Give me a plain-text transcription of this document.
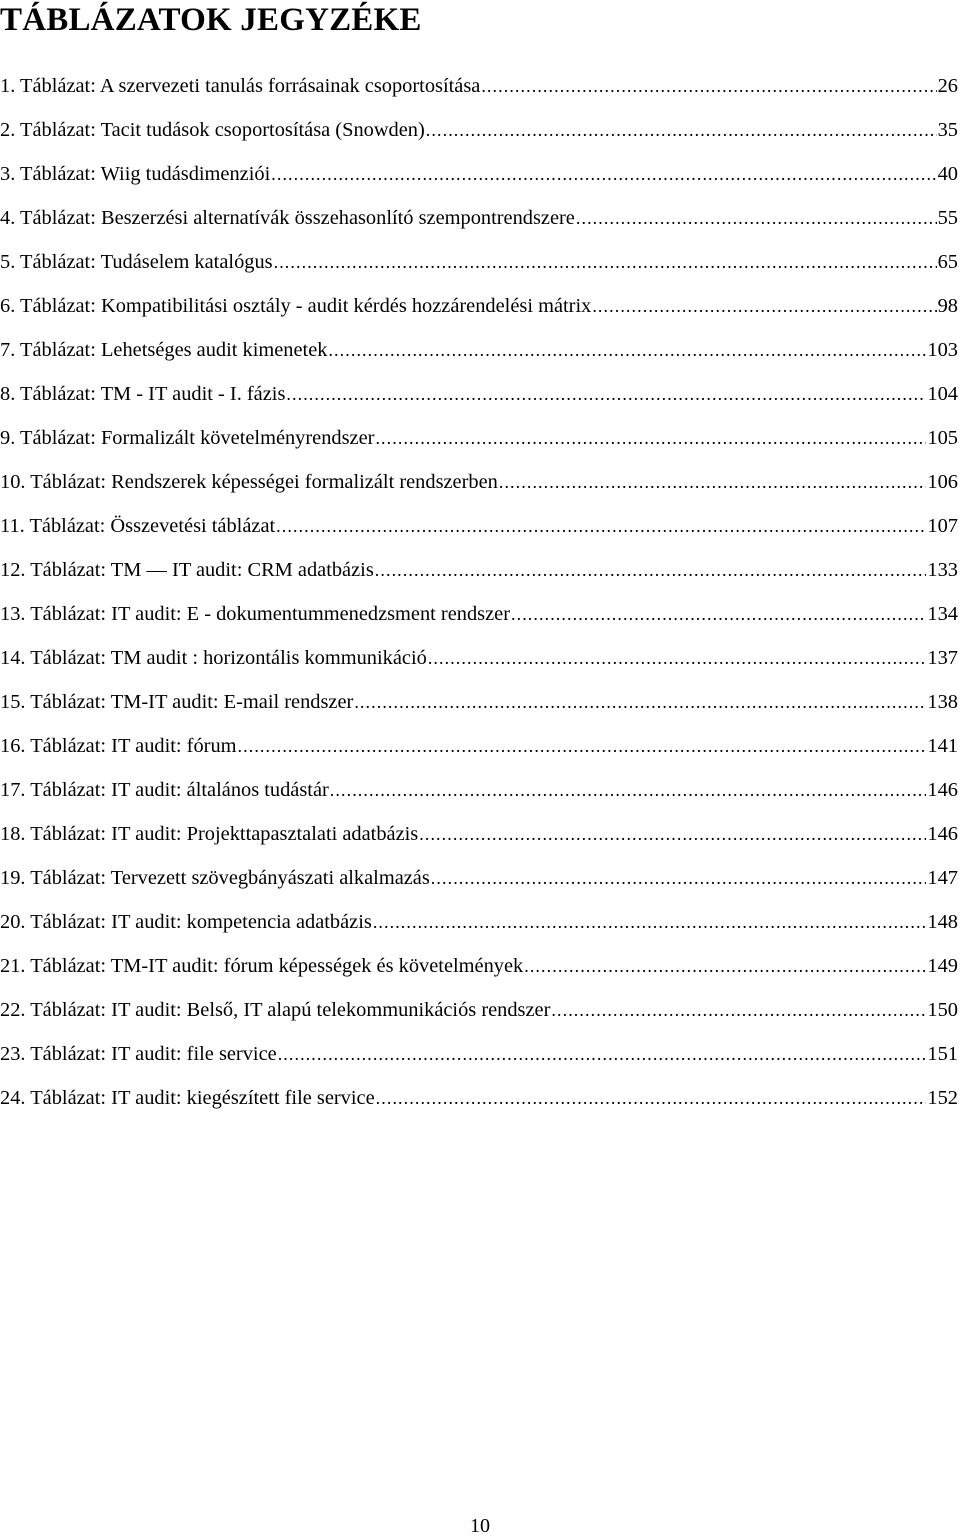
TÁBLÁZATOK JEGYZÉKE
1. Táblázat: A szervezeti tanulás forrásainak csoportosítása .....	26
2. Táblázat: Tacit tudások csoportosítása (Snowden) .....	35
3. Táblázat: Wiig tudásdimenziói .....	40
4. Táblázat: Beszerzési alternatívák összehasonlító szempontrendszere .....	55
5. Táblázat: Tudáselem katalógus .....	65
6. Táblázat: Kompatibilitási osztály - audit kérdés hozzárendelési mátrix .....	98
7. Táblázat: Lehetséges audit kimenetek .....	103
8. Táblázat: TM - IT audit - I. fázis .....	104
9. Táblázat: Formalizált követelményrendszer .....	105
10. Táblázat: Rendszerek képességei formalizált rendszerben .....	106
11. Táblázat: Összevetési táblázat .....	107
12. Táblázat: TM — IT audit: CRM adatbázis .....	133
13. Táblázat: IT audit: E - dokumentummenedzsment rendszer .....	134
14. Táblázat: TM audit : horizontális kommunikáció .....	137
15. Táblázat: TM-IT audit: E-mail rendszer .....	138
16. Táblázat: IT audit: fórum .....	141
17. Táblázat: IT audit: általános tudástár .....	146
18. Táblázat: IT audit: Projekttapasztalati adatbázis .....	146
19. Táblázat: Tervezett szövegbányászati alkalmazás .....	147
20. Táblázat: IT audit: kompetencia adatbázis .....	148
21. Táblázat: TM-IT audit: fórum képességek és követelmények .....	149
22. Táblázat: IT audit: Belső, IT alapú telekommunikációs rendszer .....	150
23. Táblázat: IT audit: file service .....	151
24. Táblázat: IT audit: kiegészített file service .....	152
10
